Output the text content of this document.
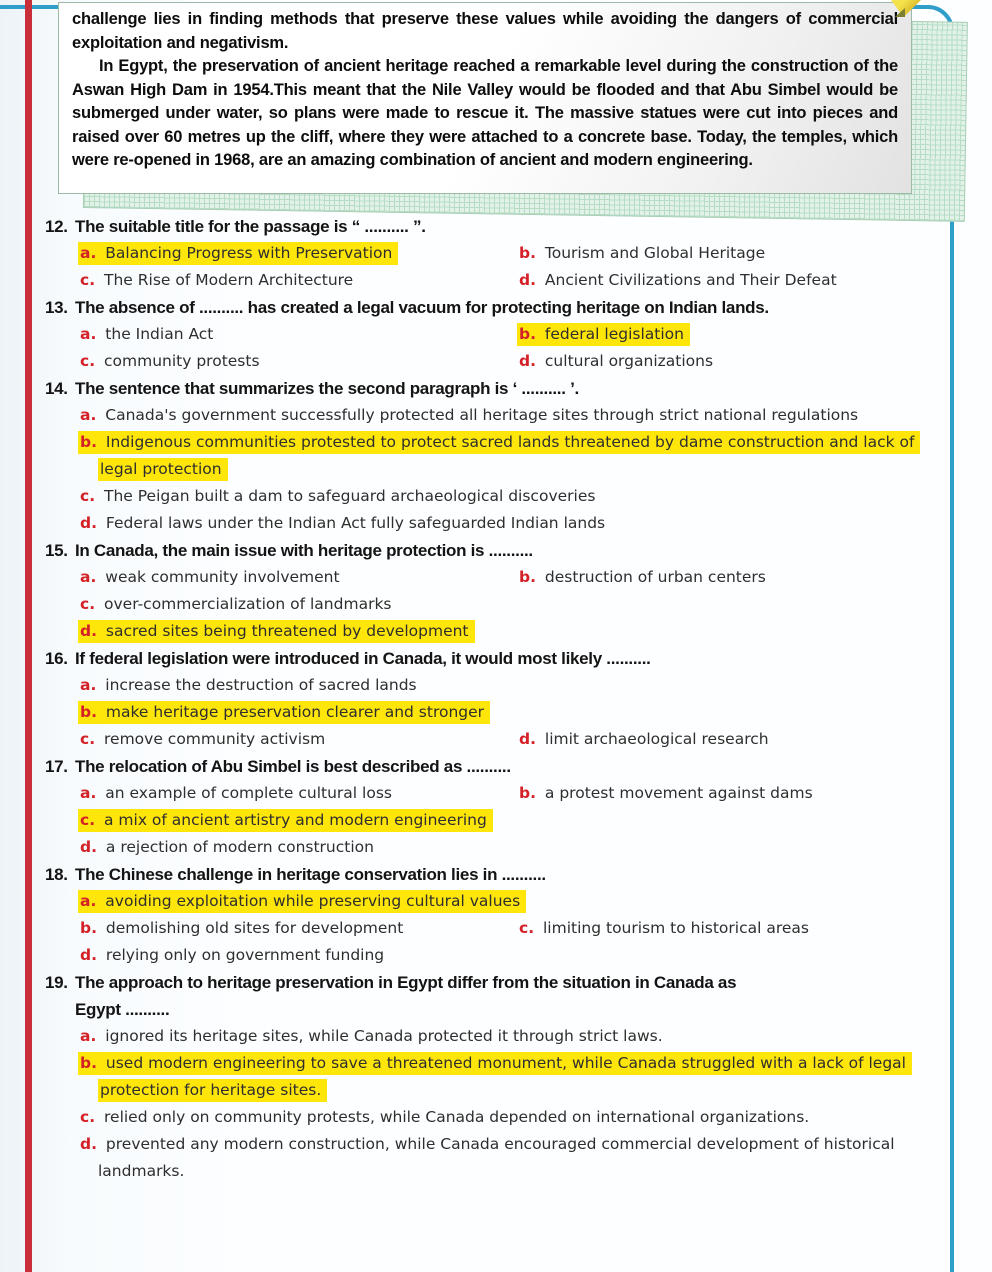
challenge lies in finding methods that preserve these values while avoiding the dangers of commercial exploitation and negativism.

In Egypt, the preservation of ancient heritage reached a remarkable level during the construction of the Aswan High Dam in 1954.This meant that the Nile Valley would be flooded and that Abu Simbel would be submerged under water, so plans were made to rescue it. The massive statues were cut into pieces and raised over 60 metres up the cliff, where they were attached to a concrete base. Today, the temples, which were re-opened in 1968, are an amazing combination of ancient and modern engineering.

12. The suitable title for the passage is “ .......... ”.
a. Balancing Progress with Preservation	b. Tourism and Global Heritage
c. The Rise of Modern Architecture	d. Ancient Civilizations and Their Defeat
13. The absence of .......... has created a legal vacuum for protecting heritage on Indian lands.
a. the Indian Act	b. federal legislation
c. community protests	d. cultural organizations
14. The sentence that summarizes the second paragraph is ‘ .......... ’.
a. Canada's government successfully protected all heritage sites through strict national regulations
b. Indigenous communities protested to protect sacred lands threatened by dame construction and lack of legal protection
c. The Peigan built a dam to safeguard archaeological discoveries
d. Federal laws under the Indian Act fully safeguarded Indian lands
15. In Canada, the main issue with heritage protection is ..........
a. weak community involvement	b. destruction of urban centers
c. over-commercialization of landmarks
d. sacred sites being threatened by development
16. If federal legislation were introduced in Canada, it would most likely ..........
a. increase the destruction of sacred lands
b. make heritage preservation clearer and stronger
c. remove community activism	d. limit archaeological research
17. The relocation of Abu Simbel is best described as ..........
a. an example of complete cultural loss	b. a protest movement against dams
c. a mix of ancient artistry and modern engineering
d. a rejection of modern construction
18. The Chinese challenge in heritage conservation lies in ..........
a. avoiding exploitation while preserving cultural values
b. demolishing old sites for development	c. limiting tourism to historical areas
d. relying only on government funding
19. The approach to heritage preservation in Egypt differ from the situation in Canada as
Egypt ..........
a. ignored its heritage sites, while Canada protected it through strict laws.
b. used modern engineering to save a threatened monument, while Canada struggled with a lack of legal protection for heritage sites.
c. relied only on community protests, while Canada depended on international organizations.
d. prevented any modern construction, while Canada encouraged commercial development of historical landmarks.
